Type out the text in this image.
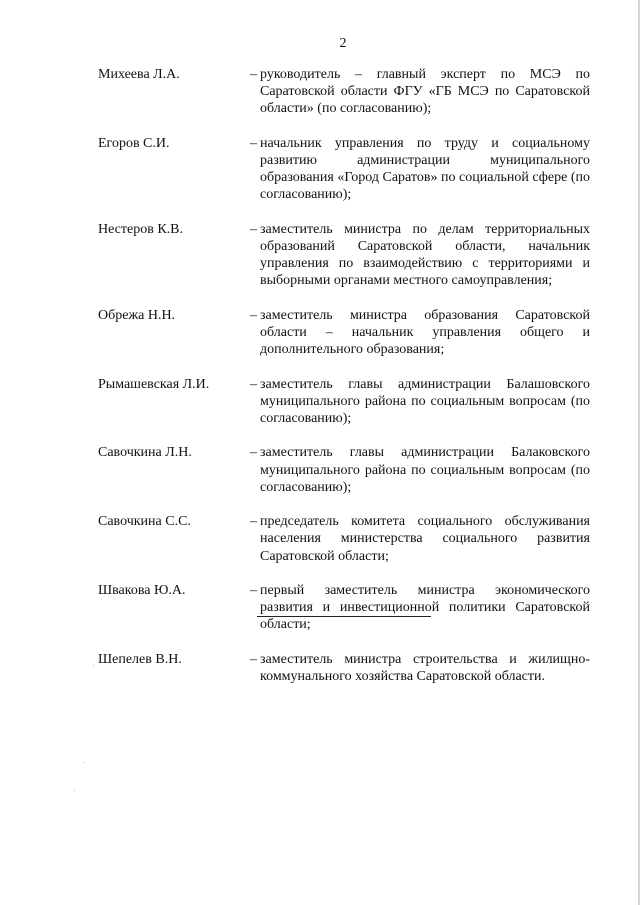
2
Михеева Л.А.	– руководитель – главный эксперт по МСЭ по Саратовской области ФГУ «ГБ МСЭ по Саратовской области» (по согласованию);
Егоров С.И.	– начальник управления по труду и социальному развитию администрации муниципального образования «Город Саратов» по социальной сфере (по согласованию);
Нестеров К.В.	– заместитель министра по делам территориальных образований Саратовской области, начальник управления по взаимодействию с территориями и выборными органами местного самоуправления;
Обрежа Н.Н.	– заместитель министра образования Саратовской области – начальник управления общего и дополнительного образования;
Рымашевская Л.И.	– заместитель главы администрации Балашовского муниципального района по социальным вопросам (по согласованию);
Савочкина Л.Н.	– заместитель главы администрации Балаковского муниципального района по социальным вопросам (по согласованию);
Савочкина С.С.	– председатель комитета социального обслуживания населения министерства социального развития Саратовской области;
Швакова Ю.А.	– первый заместитель министра экономического развития и инвестиционной политики Саратовской области;
Шепелев В.Н.	– заместитель министра строительства и жилищно-коммунального хозяйства Саратовской области.
